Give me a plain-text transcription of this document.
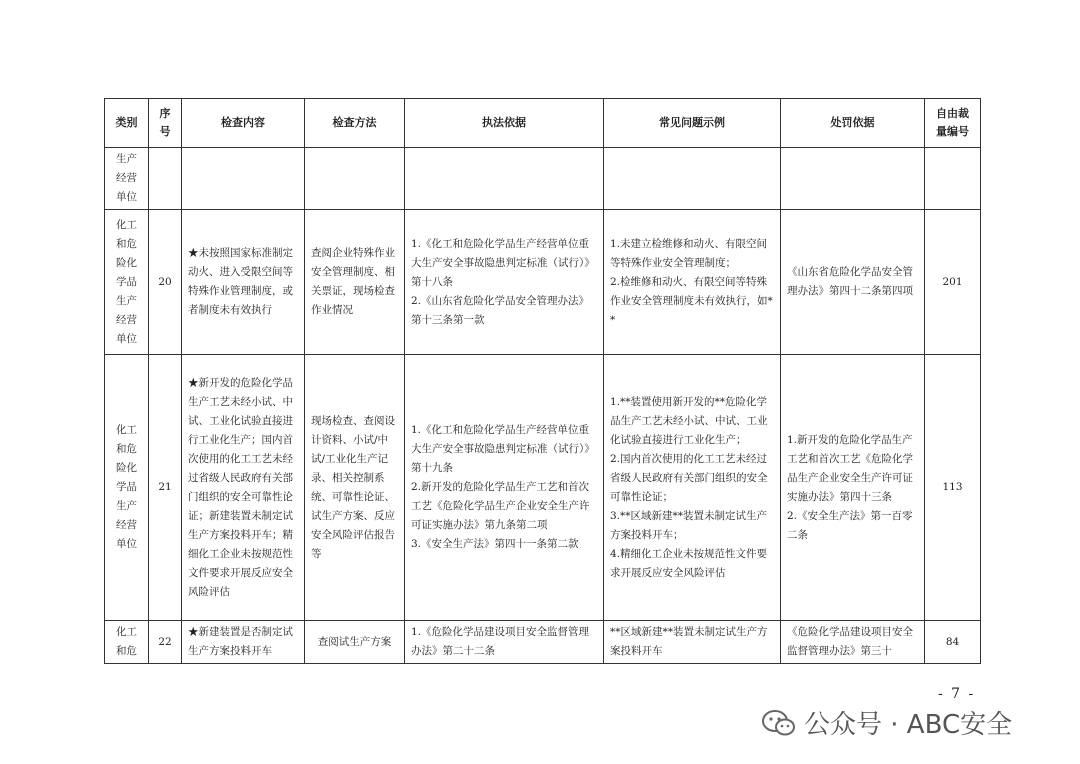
类别	序号	检查内容	检查方法	执法依据	常见问题示例	处罚依据	自由裁量编号
生产经营单位							
化工和危险化学品生产经营单位	20	★未按照国家标准制定动火、进入受限空间等特殊作业管理制度，或者制度未有效执行	查阅企业特殊作业安全管理制度、相关票证，现场检查作业情况	1.《化工和危险化学品生产经营单位重大生产安全事故隐患判定标准（试行）》第十八条
2.《山东省危险化学品安全管理办法》第十三条第一款	1.未建立检维修和动火、有限空间等特殊作业安全管理制度；
2.检维修和动火、有限空间等特殊作业安全管理制度未有效执行，如**	《山东省危险化学品安全管理办法》第四十二条第四项	201
化工和危险化学品生产经营单位	21	★新开发的危险化学品生产工艺未经小试、中试、工业化试验直接进行工业化生产；国内首次使用的化工工艺未经过省级人民政府有关部门组织的安全可靠性论证；新建装置未制定试生产方案投料开车；精细化工企业未按规范性文件要求开展反应安全风险评估	现场检查、查阅设计资料、小试/中试/工业化生产记录、相关控制系统、可靠性论证、试生产方案、反应安全风险评估报告等	1.《化工和危险化学品生产经营单位重大生产安全事故隐患判定标准（试行）》第十九条
2.新开发的危险化学品生产工艺和首次工艺《危险化学品生产企业安全生产许可证实施办法》第九条第二项
3.《安全生产法》第四十一条第二款	1.**装置使用新开发的**危险化学品生产工艺未经小试、中试、工业化试验直接进行工业化生产；
2.国内首次使用的化工工艺未经过省级人民政府有关部门组织的安全可靠性论证；
3.**区域新建**装置未制定试生产方案投料开车；
4.精细化工企业未按规范性文件要求开展反应安全风险评估	1.新开发的危险化学品生产工艺和首次工艺《危险化学品生产企业安全生产许可证实施办法》第四十三条
2.《安全生产法》第一百零二条	113
化工和危	22	★新建装置是否制定试生产方案投料开车	查阅试生产方案	1.《危险化学品建设项目安全监督管理办法》第二十二条	**区域新建**装置未制定试生产方案投料开车	《危险化学品建设项目安全监督管理办法》第三十	84
- 7 -
公众号 · ABC安全
